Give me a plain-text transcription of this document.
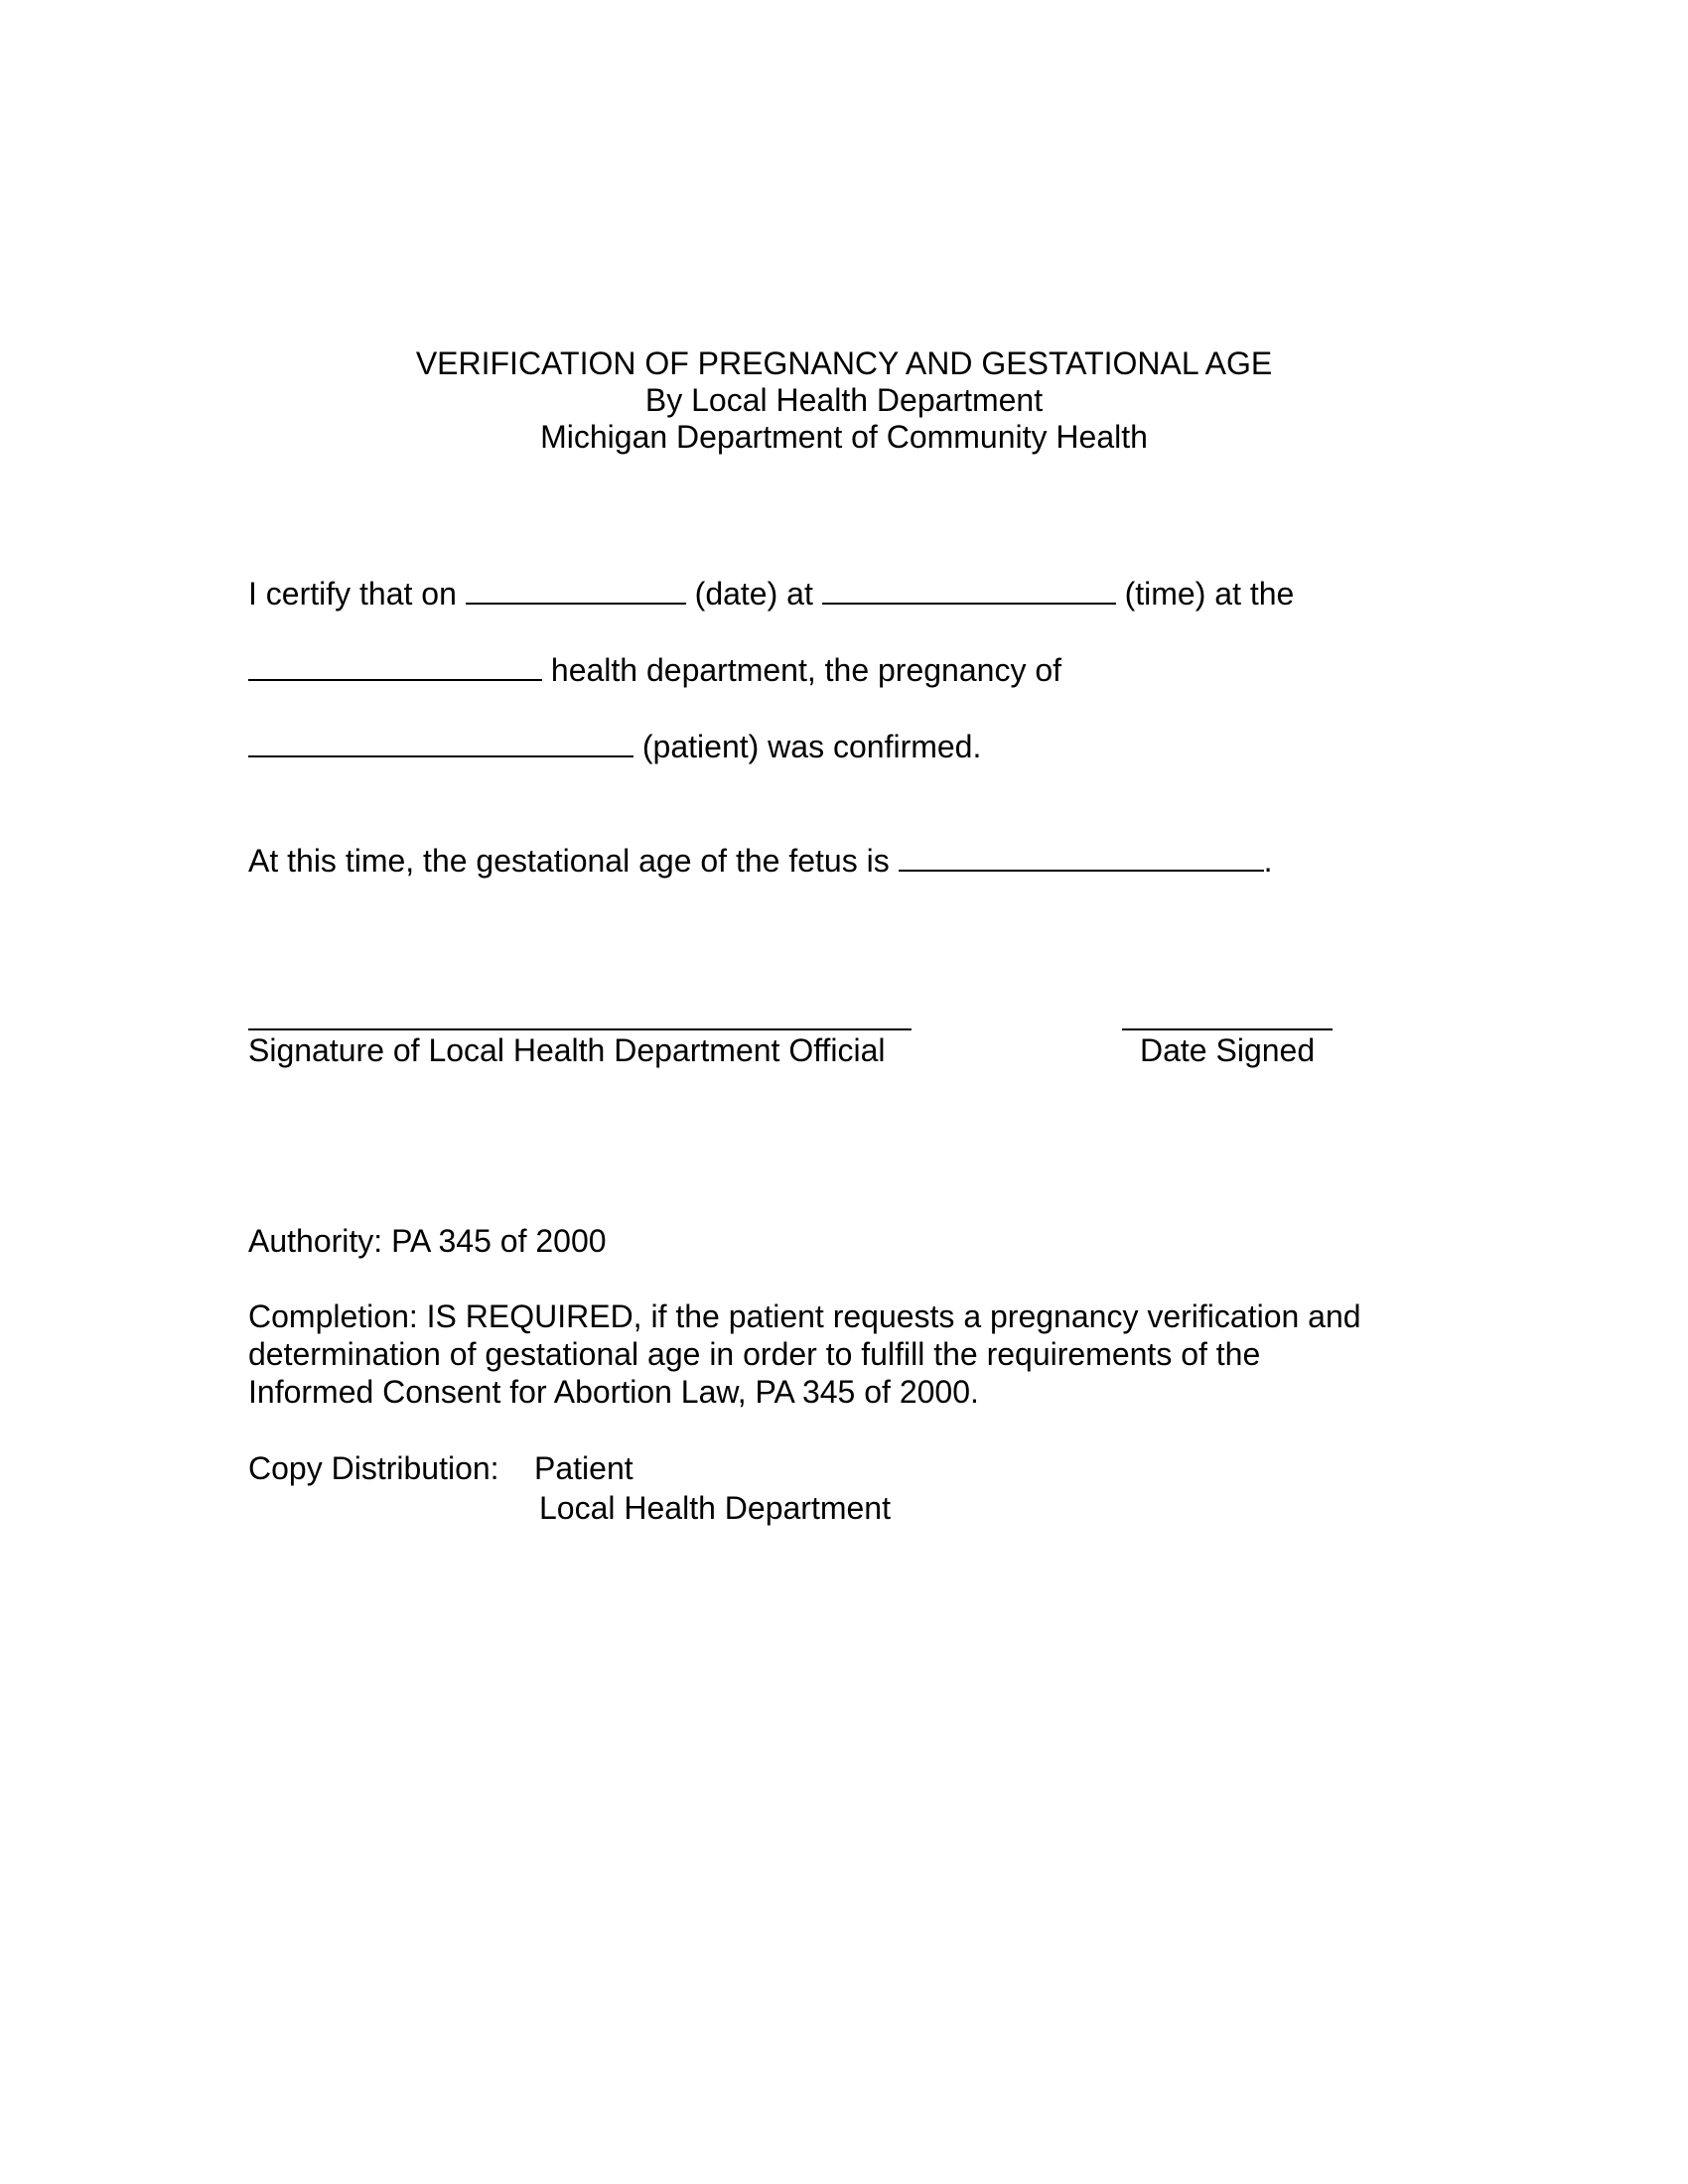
VERIFICATION OF PREGNANCY AND GESTATIONAL AGE
By Local Health Department
Michigan Department of Community Health
I certify that on	(date) at	(time) at the
health department, the pregnancy of
(patient) was confirmed.
At this time, the gestational age of the fetus is	.
Signature of Local Health Department Official	Date Signed
Authority: PA 345 of 2000
Completion: IS REQUIRED, if the patient requests a pregnancy verification and
determination of gestational age in order to fulfill the requirements of the
Informed Consent for Abortion Law, PA 345 of 2000.
Copy Distribution: Patient
Local Health Department
